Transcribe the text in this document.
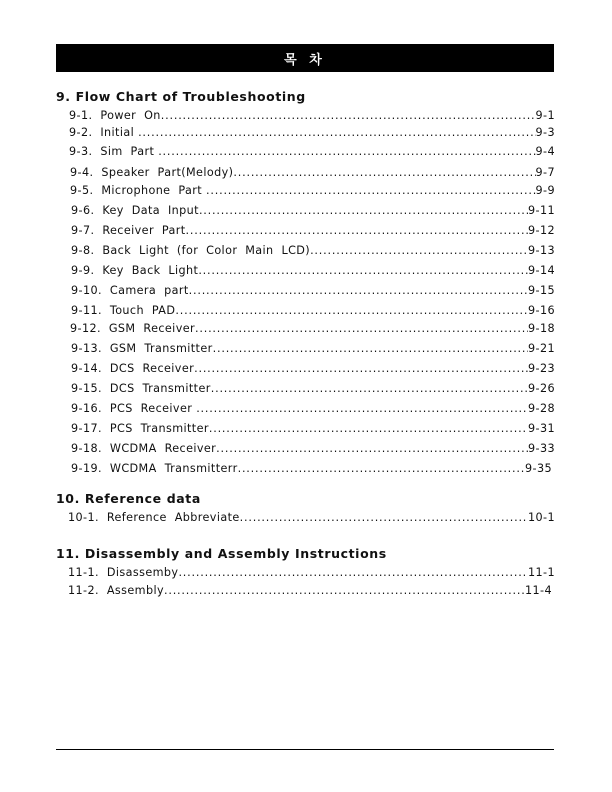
목 차
9. Flow Chart of Troubleshooting
9-1.  Power  On .....	9-1
9-2.  Initial .....	9-3
9-3.  Sim  Part .....	9-4
9-4.  Speaker  Part(Melody) .....	9-7
9-5.  Microphone  Part .....	9-9
9-6.  Key  Data  Input .....	9-11
9-7.  Receiver  Part .....	9-12
9-8.  Back  Light  (for  Color  Main  LCD) .....	9-13
9-9.  Key  Back  Light .....	9-14
9-10.  Camera  part .....	9-15
9-11.  Touch  PAD .....	9-16
9-12.  GSM  Receiver .....	9-18
9-13.  GSM  Transmitter .....	9-21
9-14.  DCS  Receiver .....	9-23
9-15.  DCS  Transmitter .....	9-26
9-16.  PCS  Receiver .....	9-28
9-17.  PCS  Transmitter .....	9-31
9-18.  WCDMA  Receiver .....	9-33
9-19.  WCDMA  Transmitterr .....	9-35
10. Reference data
10-1.  Reference  Abbreviate .....	10-1
11. Disassembly and Assembly Instructions
11-1.  Disassemby .....	11-1
11-2.  Assembly .....	11-4
